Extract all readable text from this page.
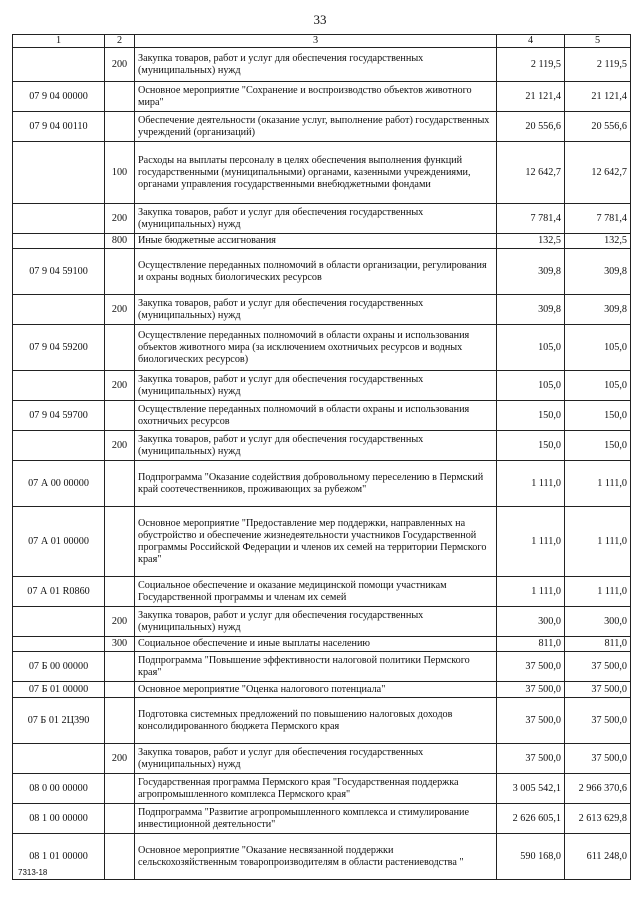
33
1	2	3	4	5
	200	Закупка товаров, работ и услуг для обеспечения государственных (муниципальных) нужд	2 119,5	2 119,5
07 9 04 00000		Основное мероприятие "Сохранение и воспроизводство объектов животного мира"	21 121,4	21 121,4
07 9 04 00110		Обеспечение деятельности (оказание услуг, выполнение работ) государственных учреждений (организаций)	20 556,6	20 556,6
	100	Расходы на выплаты персоналу в целях обеспечения выполнения функций государственными (муниципальными) органами, казенными учреждениями, органами управления государственными внебюджетными фондами	12 642,7	12 642,7
	200	Закупка товаров, работ и услуг для обеспечения государственных (муниципальных) нужд	7 781,4	7 781,4
	800	Иные бюджетные ассигнования	132,5	132,5
07 9 04 59100		Осуществление переданных полномочий в области организации, регулирования и охраны водных биологических ресурсов	309,8	309,8
	200	Закупка товаров, работ и услуг для обеспечения государственных (муниципальных) нужд	309,8	309,8
07 9 04 59200		Осуществление переданных полномочий в области охраны и использования объектов животного мира (за исключением охотничьих ресурсов и водных биологических ресурсов)	105,0	105,0
	200	Закупка товаров, работ и услуг для обеспечения государственных (муниципальных) нужд	105,0	105,0
07 9 04 59700		Осуществление переданных полномочий в области охраны и использования охотничьих ресурсов	150,0	150,0
	200	Закупка товаров, работ и услуг для обеспечения государственных (муниципальных) нужд	150,0	150,0
07 А 00 00000		Подпрограмма "Оказание содействия добровольному переселению в Пермский край соотечественников, проживающих за рубежом"	1 111,0	1 111,0
07 А 01 00000		Основное мероприятие "Предоставление мер поддержки, направленных на обустройство и обеспечение жизнедеятельности участников Государственной программы Российской Федерации и членов их семей на территории Пермского края"	1 111,0	1 111,0
07 А 01 R0860		Социальное обеспечение и оказание медицинской помощи участникам Государственной программы и членам их семей	1 111,0	1 111,0
	200	Закупка товаров, работ и услуг для обеспечения государственных (муниципальных) нужд	300,0	300,0
	300	Социальное обеспечение и иные выплаты населению	811,0	811,0
07 Б 00 00000		Подпрограмма "Повышение эффективности налоговой политики Пермского края"	37 500,0	37 500,0
07 Б 01 00000		Основное мероприятие "Оценка налогового потенциала"	37 500,0	37 500,0
07 Б 01 2Ц390		Подготовка системных предложений по повышению налоговых доходов консолидированного бюджета Пермского края	37 500,0	37 500,0
	200	Закупка товаров, работ и услуг для обеспечения государственных (муниципальных) нужд	37 500,0	37 500,0
08 0 00 00000		Государственная программа Пермского края "Государственная поддержка агропромышленного комплекса Пермского края"	3 005 542,1	2 966 370,6
08 1 00 00000		Подпрограмма "Развитие агропромышленного комплекса и стимулирование инвестиционной деятельности"	2 626 605,1	2 613 629,8
08 1 01 00000		Основное мероприятие "Оказание несвязанной поддержки сельскохозяйственным товаропроизводителям в области растениеводства "	590 168,0	611 248,0
7313-18
